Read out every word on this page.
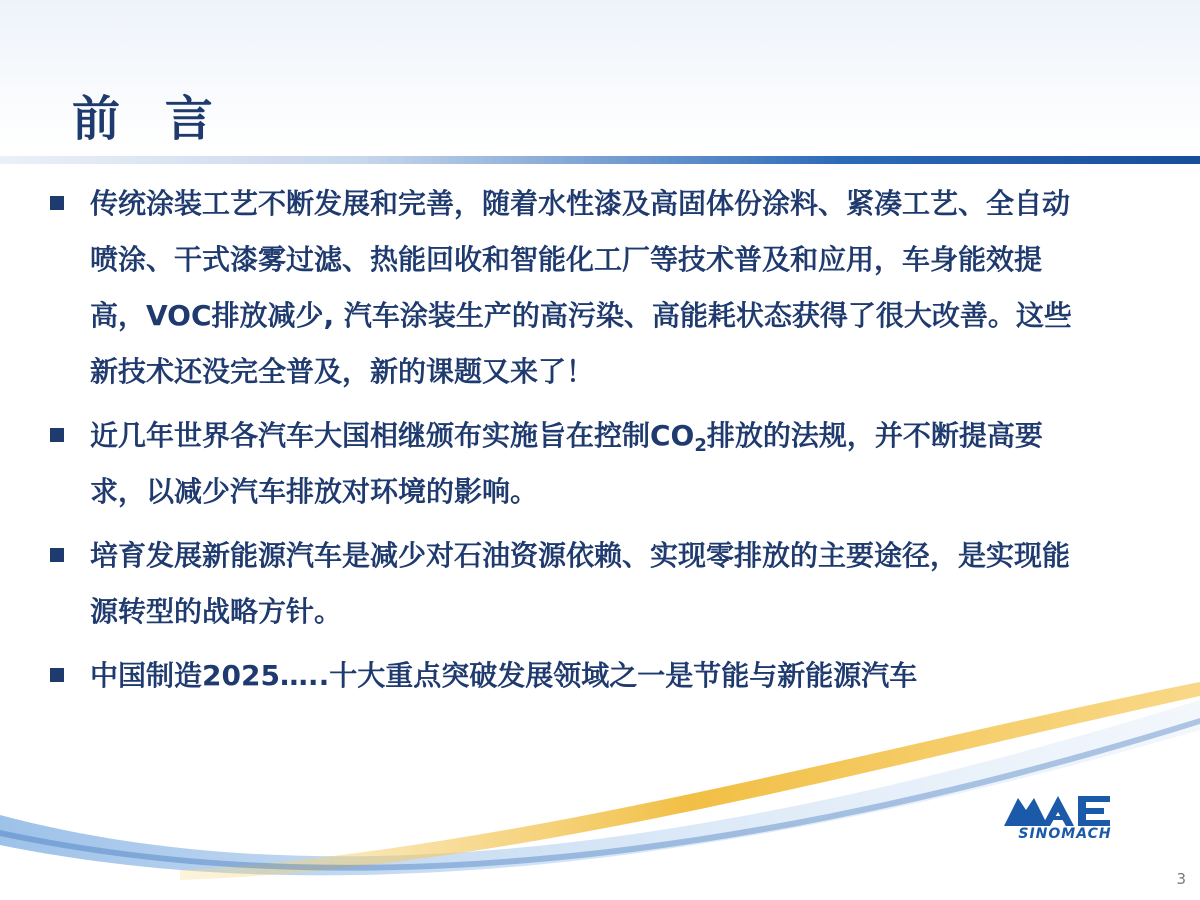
前 言
传统涂装工艺不断发展和完善，随着水性漆及高固体份涂料、紧凑工艺、全自动喷涂、干式漆雾过滤、热能回收和智能化工厂等技术普及和应用，车身能效提高，VOC排放减少, 汽车涂装生产的高污染、高能耗状态获得了很大改善。这些新技术还没完全普及，新的课题又来了！
近几年世界各汽车大国相继颁布实施旨在控制$CO_2$排放的法规，并不断提高要求，以减少汽车排放对环境的影响。
培育发展新能源汽车是减少对石油资源依赖、实现零排放的主要途径，是实现能源转型的战略方针。
中国制造2025…..十大重点突破发展领域之一是节能与新能源汽车
SINOMACH
3
